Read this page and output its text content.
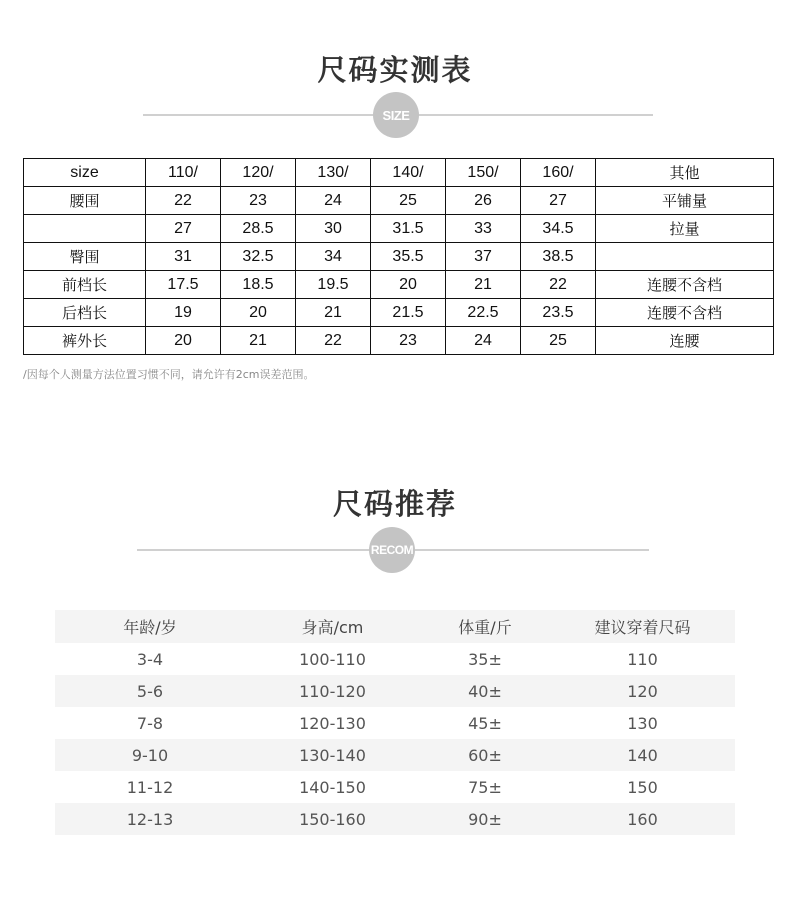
尺码实测表
SIZE
size	110/	120/	130/	140/	150/	160/	其他
腰围	22	23	24	25	26	27	平铺量
	27	28.5	30	31.5	33	34.5	拉量
臀围	31	32.5	34	35.5	37	38.5	
前档长	17.5	18.5	19.5	20	21	22	连腰不含档
后档长	19	20	21	21.5	22.5	23.5	连腰不含档
裤外长	20	21	22	23	24	25	连腰
/因每个人测量方法位置习惯不同，请允许有2cm误差范围。
尺码推荐
RECOM
年龄/岁	身高/cm	体重/斤	建议穿着尺码
3-4	100-110	35±	110
5-6	110-120	40±	120
7-8	120-130	45±	130
9-10	130-140	60±	140
11-12	140-150	75±	150
12-13	150-160	90±	160
